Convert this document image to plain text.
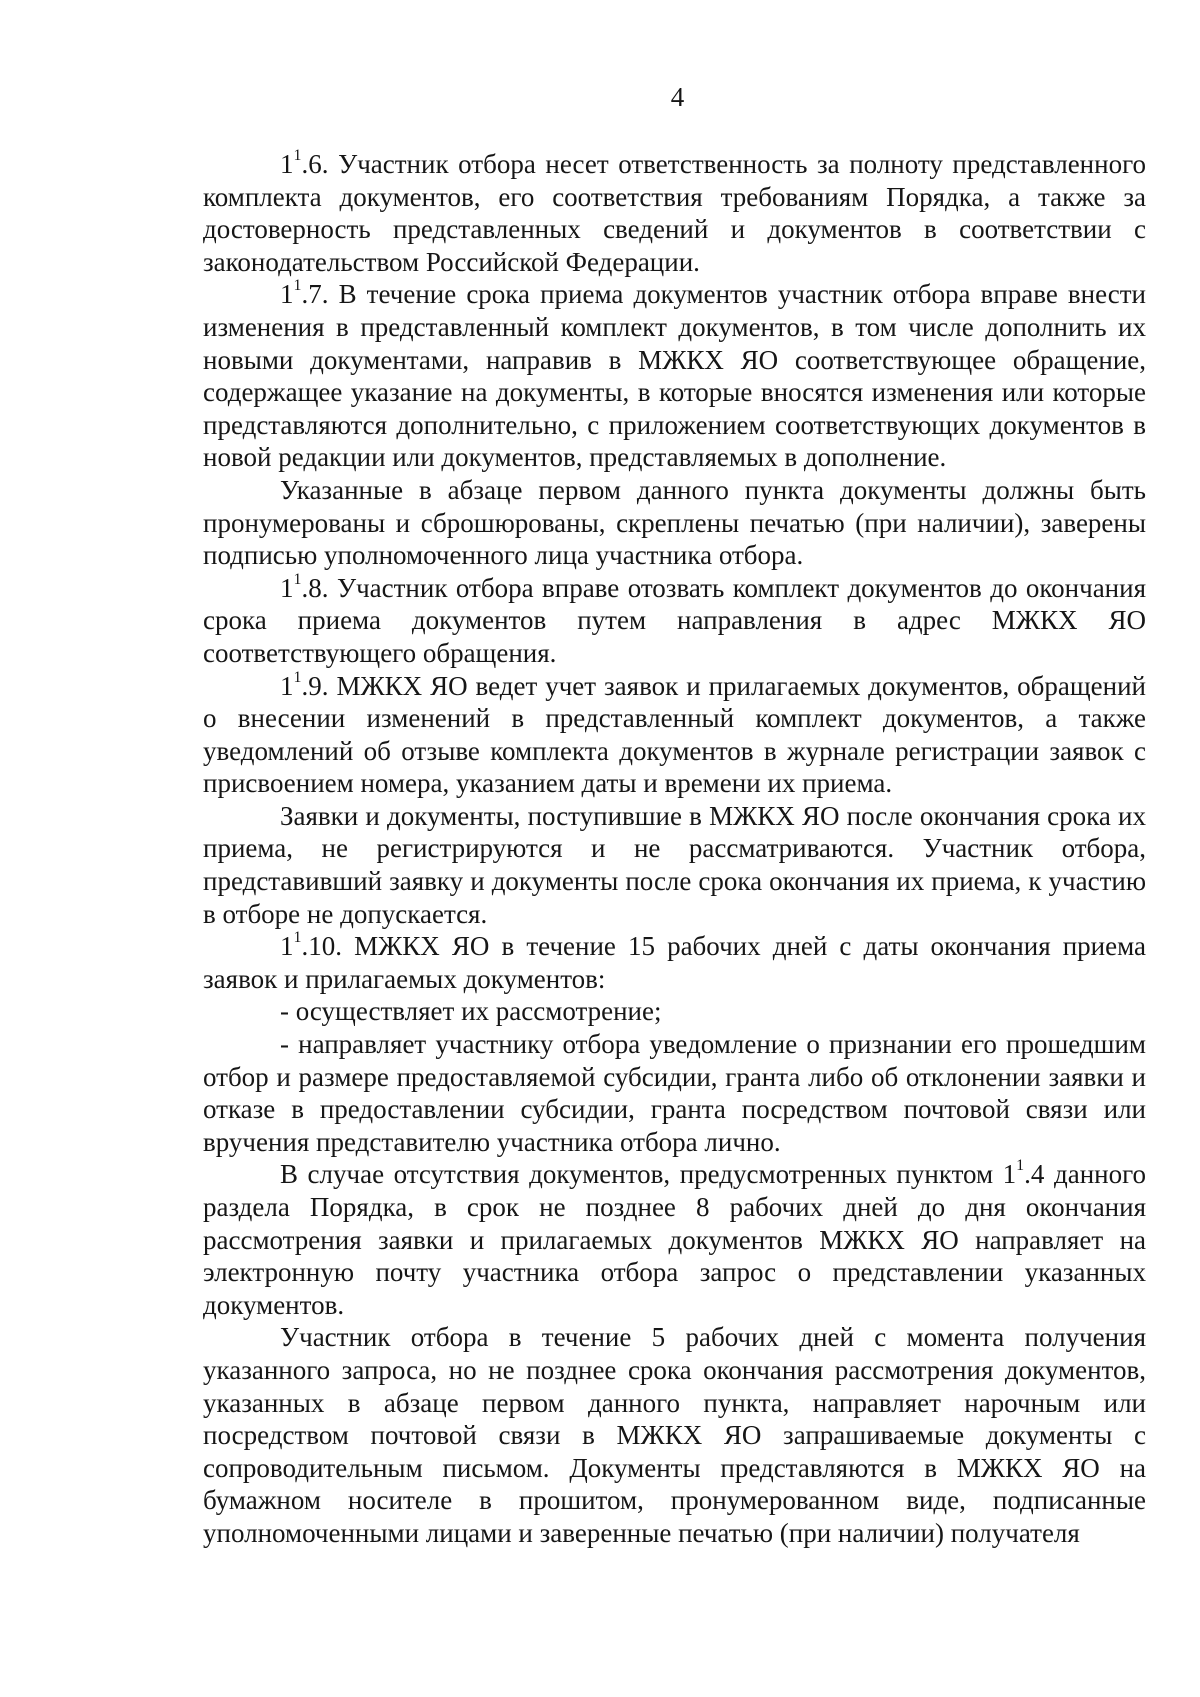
4

$1^1.6$. Участник отбора несет ответственность за полноту представленного комплекта документов, его соответствия требованиям Порядка, а также за достоверность представленных сведений и документов в соответствии с законодательством Российской Федерации.

$1^1.7$. В течение срока приема документов участник отбора вправе внести изменения в представленный комплект документов, в том числе дополнить их новыми документами, направив в МЖКХ ЯО соответствующее обращение, содержащее указание на документы, в которые вносятся изменения или которые представляются дополнительно, с приложением соответствующих документов в новой редакции или документов, представляемых в дополнение.

Указанные в абзаце первом данного пункта документы должны быть пронумерованы и сброшюрованы, скреплены печатью (при наличии), заверены подписью уполномоченного лица участника отбора.

$1^1.8$. Участник отбора вправе отозвать комплект документов до окончания срока приема документов путем направления в адрес МЖКХ ЯО соответствующего обращения.

$1^1.9$. МЖКХ ЯО ведет учет заявок и прилагаемых документов, обращений о внесении изменений в представленный комплект документов, а также уведомлений об отзыве комплекта документов в журнале регистрации заявок с присвоением номера, указанием даты и времени их приема.

Заявки и документы, поступившие в МЖКХ ЯО после окончания срока их приема, не регистрируются и не рассматриваются. Участник отбора, представивший заявку и документы после срока окончания их приема, к участию в отборе не допускается.

$1^1.10$. МЖКХ ЯО в течение 15 рабочих дней с даты окончания приема заявок и прилагаемых документов:

- осуществляет их рассмотрение;

- направляет участнику отбора уведомление о признании его прошедшим отбор и размере предоставляемой субсидии, гранта либо об отклонении заявки и отказе в предоставлении субсидии, гранта посредством почтовой связи или вручения представителю участника отбора лично.

В случае отсутствия документов, предусмотренных пунктом $1^1.4$ данного раздела Порядка, в срок не позднее 8 рабочих дней до дня окончания рассмотрения заявки и прилагаемых документов МЖКХ ЯО направляет на электронную почту участника отбора запрос о представлении указанных документов.

Участник отбора в течение 5 рабочих дней с момента получения указанного запроса, но не позднее срока окончания рассмотрения документов, указанных в абзаце первом данного пункта, направляет нарочным или посредством почтовой связи в МЖКХ ЯО запрашиваемые документы с сопроводительным письмом. Документы представляются в МЖКХ ЯО на бумажном носителе в прошитом, пронумерованном виде, подписанные уполномоченными лицами и заверенные печатью (при наличии) получателя
